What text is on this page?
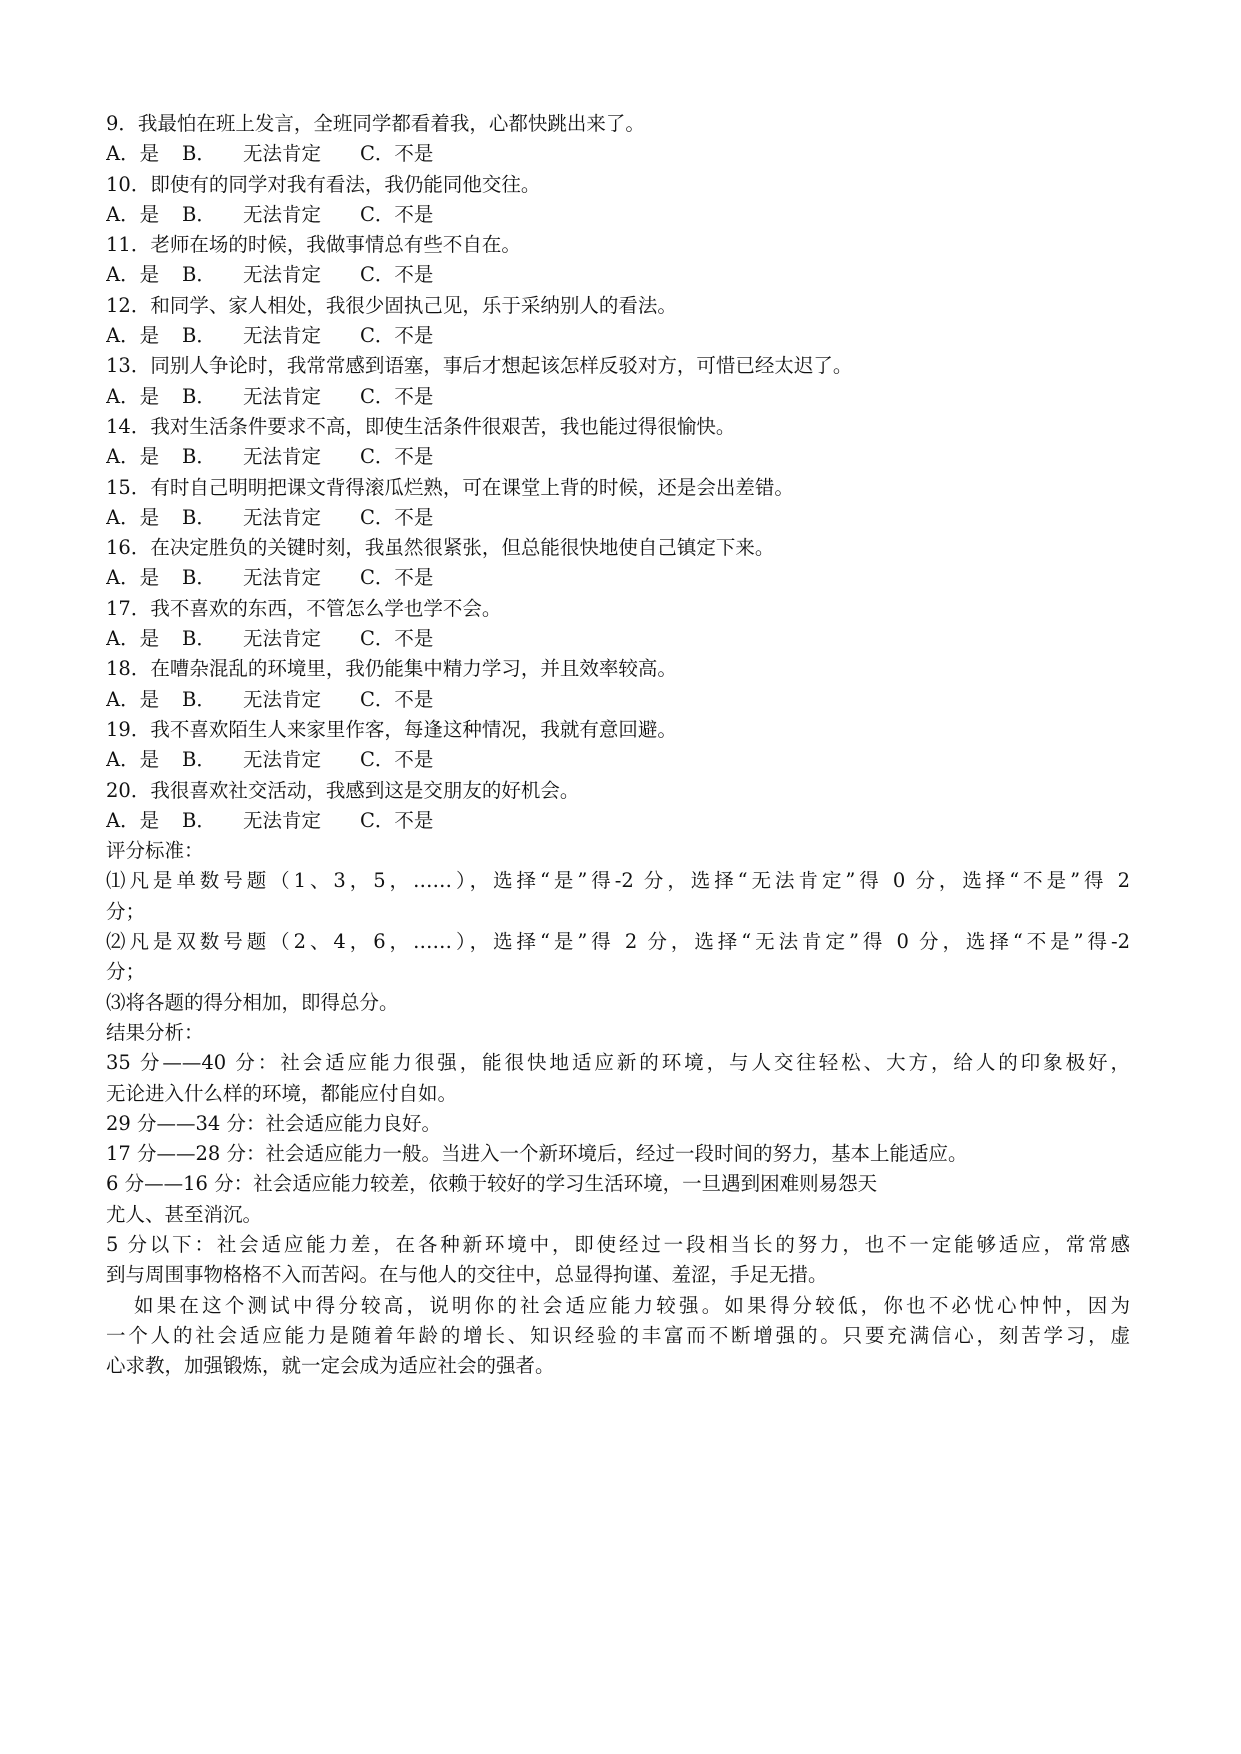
9．我最怕在班上发言，全班同学都看着我，心都快跳出来了。
A．是 B． 无法肯定 C．不是
10．即使有的同学对我有看法，我仍能同他交往。
A．是 B． 无法肯定 C．不是
11．老师在场的时候，我做事情总有些不自在。
A．是 B． 无法肯定 C．不是
12．和同学、家人相处，我很少固执己见，乐于采纳别人的看法。
A．是 B． 无法肯定 C．不是
13．同别人争论时，我常常感到语塞，事后才想起该怎样反驳对方，可惜已经太迟了。
A．是 B． 无法肯定 C．不是
14．我对生活条件要求不高，即使生活条件很艰苦，我也能过得很愉快。
A．是 B． 无法肯定 C．不是
15．有时自己明明把课文背得滚瓜烂熟，可在课堂上背的时候，还是会出差错。
A．是 B． 无法肯定 C．不是
16．在决定胜负的关键时刻，我虽然很紧张，但总能很快地使自己镇定下来。
A．是 B． 无法肯定 C．不是
17．我不喜欢的东西，不管怎么学也学不会。
A．是 B． 无法肯定 C．不是
18．在嘈杂混乱的环境里，我仍能集中精力学习，并且效率较高。
A．是 B． 无法肯定 C．不是
19．我不喜欢陌生人来家里作客，每逢这种情况，我就有意回避。
A．是 B． 无法肯定 C．不是
20．我很喜欢社交活动，我感到这是交朋友的好机会。
A．是 B． 无法肯定 C．不是
评分标准：
⑴凡是单数号题（1、3，5，……），选择“是”得-2 分，选择“无法肯定”得 0 分，选择“不是”得 2
分；
⑵凡是双数号题（2、4，6，……），选择“是”得 2 分，选择“无法肯定”得 0 分，选择“不是”得-2
分；
⑶将各题的得分相加，即得总分。
结果分析：
35 分——40 分：社会适应能力很强，能很快地适应新的环境，与人交往轻松、大方，给人的印象极好，
无论进入什么样的环境，都能应付自如。
29 分——34 分：社会适应能力良好。
17 分——28 分：社会适应能力一般。当进入一个新环境后，经过一段时间的努力，基本上能适应。
6 分——16 分：社会适应能力较差，依赖于较好的学习生活环境，一旦遇到困难则易怨天
尤人、甚至消沉。
5 分以下：社会适应能力差，在各种新环境中，即使经过一段相当长的努力，也不一定能够适应，常常感
到与周围事物格格不入而苦闷。在与他人的交往中，总显得拘谨、羞涩，手足无措。
如果在这个测试中得分较高，说明你的社会适应能力较强。如果得分较低，你也不必忧心忡忡，因为
一个人的社会适应能力是随着年龄的增长、知识经验的丰富而不断增强的。只要充满信心，刻苦学习，虚
心求教，加强锻炼，就一定会成为适应社会的强者。
